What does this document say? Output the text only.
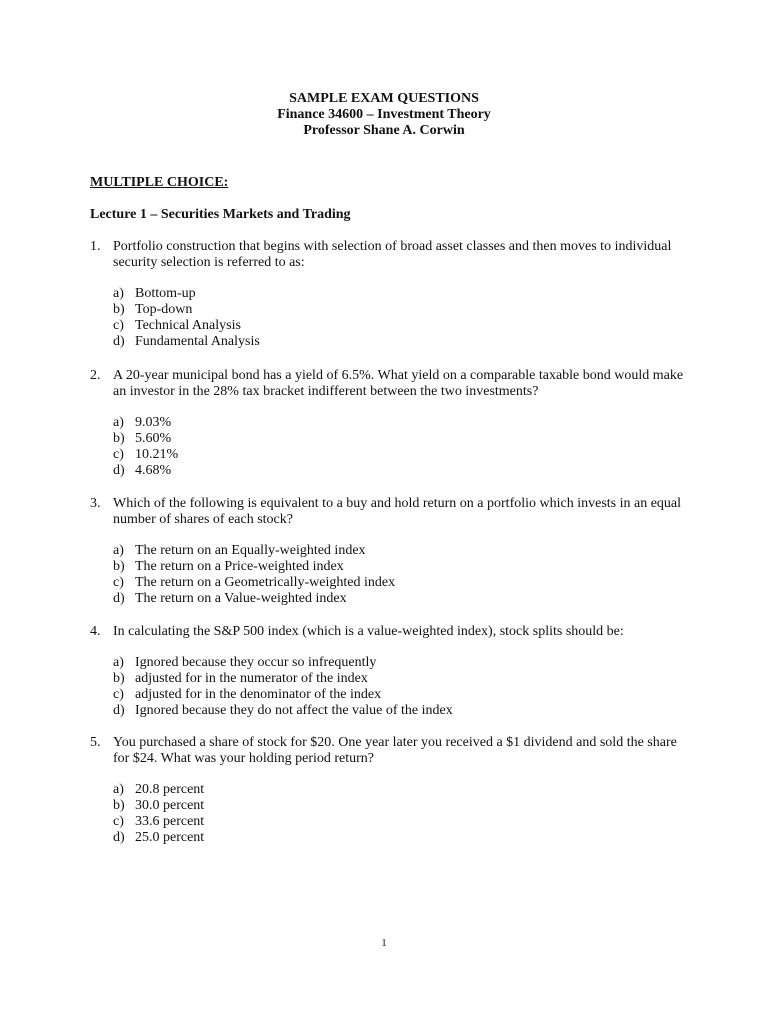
SAMPLE EXAM QUESTIONS
Finance 34600 – Investment Theory
Professor Shane A. Corwin
MULTIPLE CHOICE:
Lecture 1 – Securities Markets and Trading
1. Portfolio construction that begins with selection of broad asset classes and then moves to individual security selection is referred to as:
a) Bottom-up
b) Top-down
c) Technical Analysis
d) Fundamental Analysis
2. A 20-year municipal bond has a yield of 6.5%. What yield on a comparable taxable bond would make an investor in the 28% tax bracket indifferent between the two investments?
a) 9.03%
b) 5.60%
c) 10.21%
d) 4.68%
3. Which of the following is equivalent to a buy and hold return on a portfolio which invests in an equal number of shares of each stock?
a) The return on an Equally-weighted index
b) The return on a Price-weighted index
c) The return on a Geometrically-weighted index
d) The return on a Value-weighted index
4. In calculating the S&P 500 index (which is a value-weighted index), stock splits should be:
a) Ignored because they occur so infrequently
b) adjusted for in the numerator of the index
c) adjusted for in the denominator of the index
d) Ignored because they do not affect the value of the index
5. You purchased a share of stock for $20. One year later you received a $1 dividend and sold the share for $24. What was your holding period return?
a) 20.8 percent
b) 30.0 percent
c) 33.6 percent
d) 25.0 percent
1
